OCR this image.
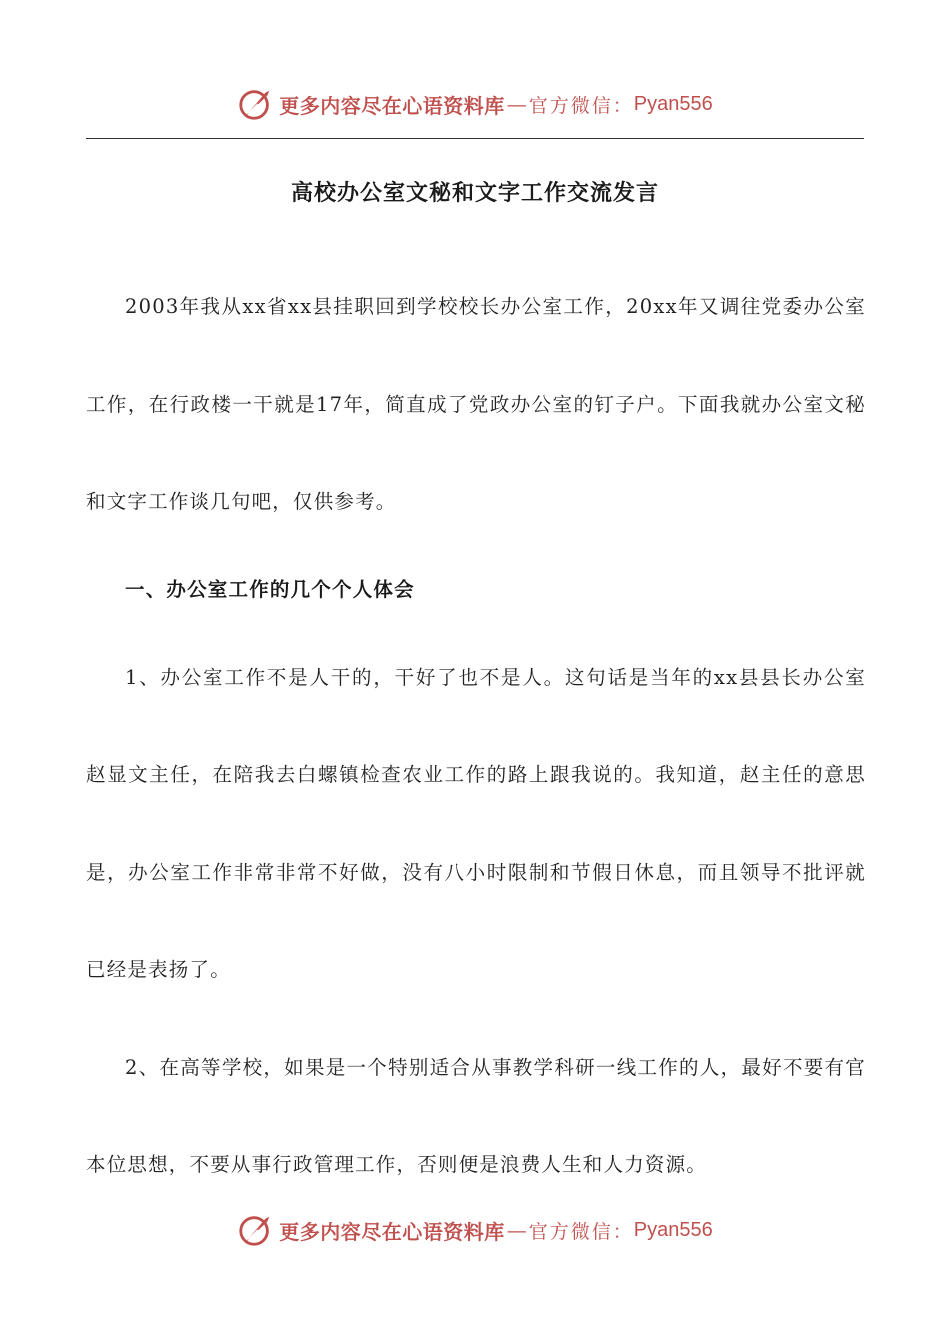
更多内容尽在心语资料库 — 官方微信： Pyan556
高校办公室文秘和文字工作交流发言

2003年我从xx省xx县挂职回到学校校长办公室工作，20xx年又调往党委办公室工作，在行政楼一干就是17年，简直成了党政办公室的钉子户。下面我就办公室文秘和文字工作谈几句吧，仅供参考。

一、办公室工作的几个个人体会

1、办公室工作不是人干的，干好了也不是人。这句话是当年的xx县县长办公室赵显文主任，在陪我去白螺镇检查农业工作的路上跟我说的。我知道，赵主任的意思是，办公室工作非常非常不好做，没有八小时限制和节假日休息，而且领导不批评就已经是表扬了。

2、在高等学校，如果是一个特别适合从事教学科研一线工作的人，最好不要有官本位思想，不要从事行政管理工作，否则便是浪费人生和人力资源。

更多内容尽在心语资料库 — 官方微信： Pyan556
